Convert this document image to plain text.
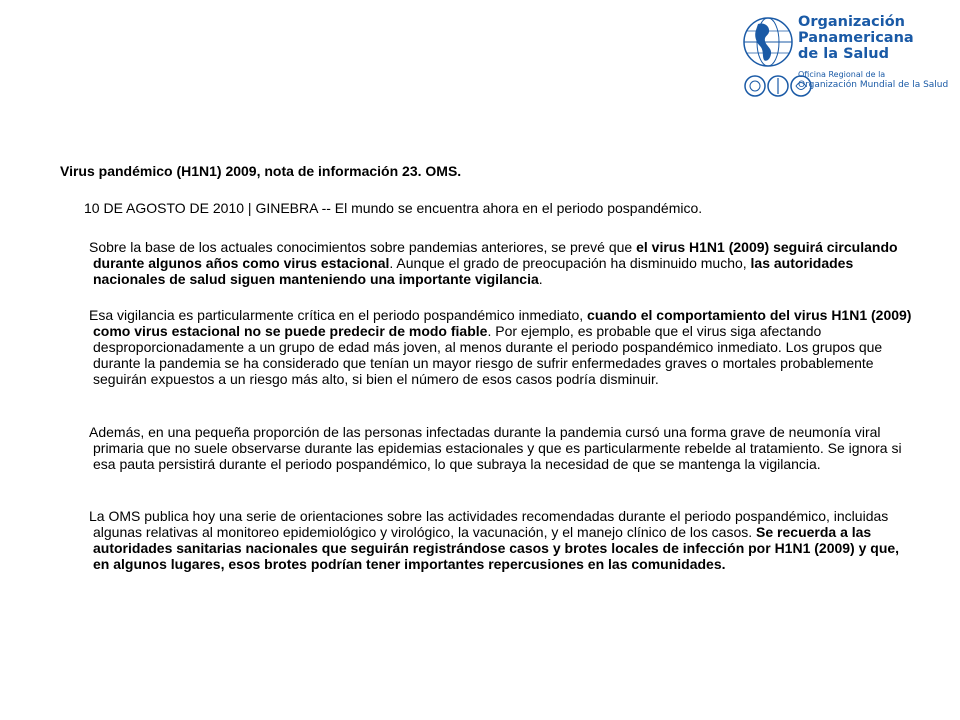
Organización
Panamericana
de la Salud
Oficina Regional de la
Organización Mundial de la Salud
Virus pandémico (H1N1) 2009, nota de información 23. OMS.
10 DE AGOSTO DE 2010 | GINEBRA -- El mundo se encuentra ahora en el periodo pospandémico.
Sobre la base de los actuales conocimientos sobre pandemias anteriores, se prevé que el virus H1N1 (2009) seguirá circulando durante algunos años como virus estacional. Aunque el grado de preocupación ha disminuido mucho, las autoridades nacionales de salud siguen manteniendo una importante vigilancia.
Esa vigilancia es particularmente crítica en el periodo pospandémico inmediato, cuando el comportamiento del virus H1N1 (2009) como virus estacional no se puede predecir de modo fiable. Por ejemplo, es probable que el virus siga afectando desproporcionadamente a un grupo de edad más joven, al menos durante el periodo pospandémico inmediato. Los grupos que durante la pandemia se ha considerado que tenían un mayor riesgo de sufrir enfermedades graves o mortales probablemente seguirán expuestos a un riesgo más alto, si bien el número de esos casos podría disminuir.
Además, en una pequeña proporción de las personas infectadas durante la pandemia cursó una forma grave de neumonía viral primaria que no suele observarse durante las epidemias estacionales y que es particularmente rebelde al tratamiento. Se ignora si esa pauta persistirá durante el periodo pospandémico, lo que subraya la necesidad de que se mantenga la vigilancia.
La OMS publica hoy una serie de orientaciones sobre las actividades recomendadas durante el periodo pospandémico, incluidas algunas relativas al monitoreo epidemiológico y virológico, la vacunación, y el manejo clínico de los casos. Se recuerda a las autoridades sanitarias nacionales que seguirán registrándose casos y brotes locales de infección por H1N1 (2009) y que, en algunos lugares, esos brotes podrían tener importantes repercusiones en las comunidades.
